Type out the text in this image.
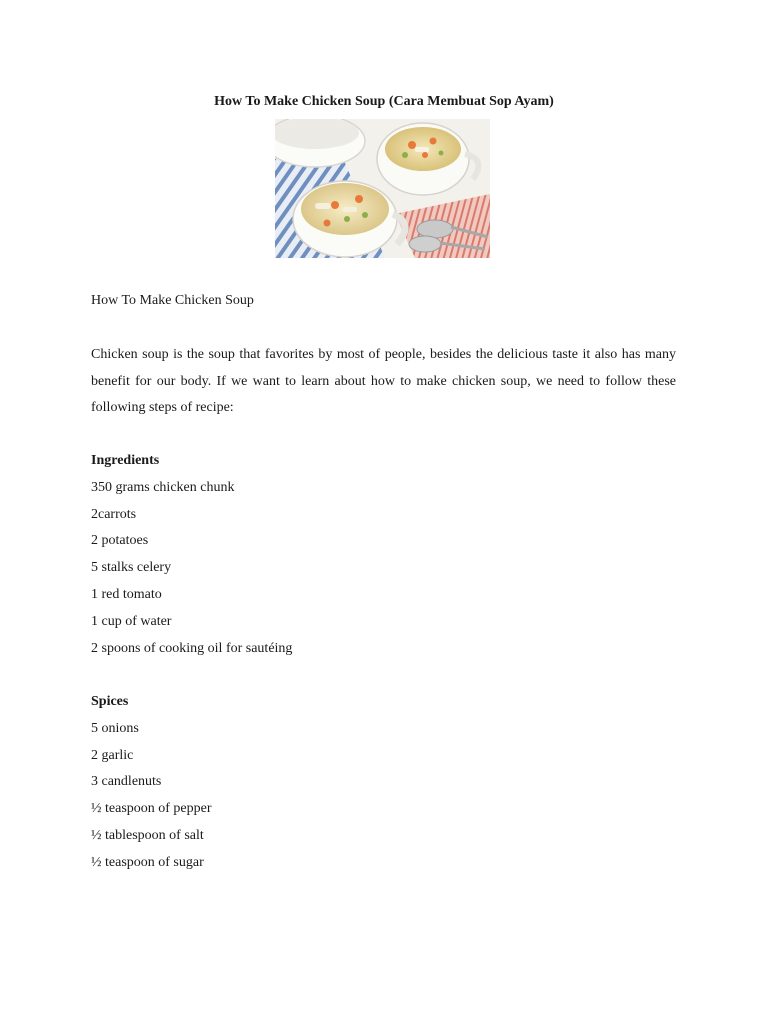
How To Make Chicken Soup (Cara Membuat Sop Ayam)
How To Make Chicken Soup
Chicken soup is the soup that favorites by most of people, besides the delicious taste it also has many benefit for our body. If we want to learn about how to make chicken soup, we need to follow these following steps of recipe:
Ingredients
350 grams chicken chunk
2carrots
2 potatoes
5 stalks celery
1 red tomato
1 cup of water
2 spoons of cooking oil for sautéing
Spices
5 onions
2 garlic
3 candlenuts
½ teaspoon of pepper
½ tablespoon of salt
½ teaspoon of sugar
